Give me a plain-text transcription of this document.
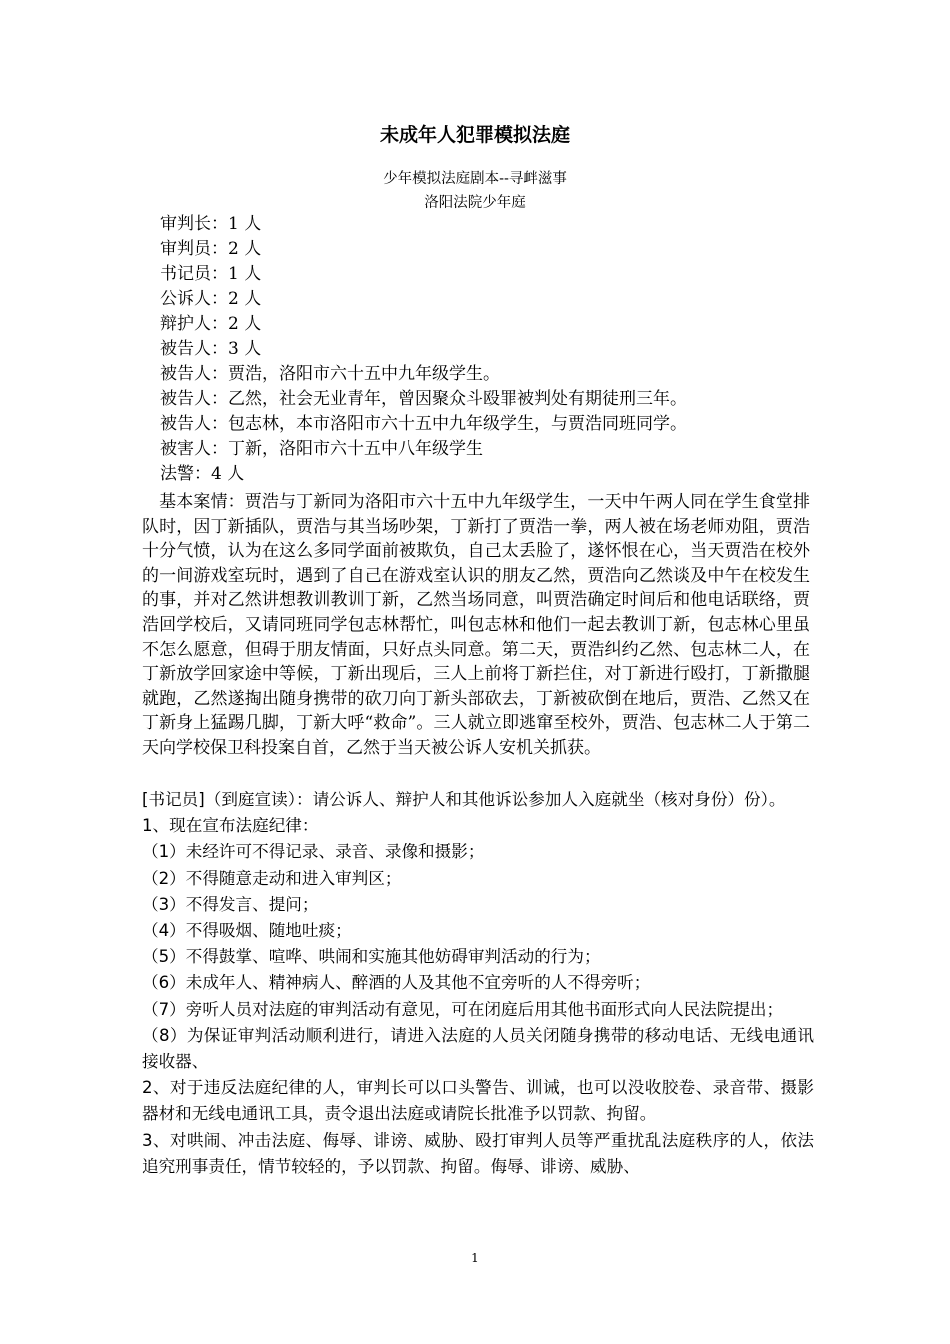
未成年人犯罪模拟法庭
少年模拟法庭剧本--寻衅滋事
洛阳法院少年庭
审判长：1 人
审判员：2 人
书记员：1 人
公诉人：2 人
辩护人：2 人
被告人：3 人
被告人：贾浩，洛阳市六十五中九年级学生。
被告人：乙然，社会无业青年，曾因聚众斗殴罪被判处有期徒刑三年。
被告人：包志林，本市洛阳市六十五中九年级学生，与贾浩同班同学。
被害人：丁新，洛阳市六十五中八年级学生
法警：4 人

　基本案情：贾浩与丁新同为洛阳市六十五中九年级学生，一天中午两人同在学生食堂排队时，因丁新插队，贾浩与其当场吵架，丁新打了贾浩一拳，两人被在场老师劝阻，贾浩十分气愤，认为在这么多同学面前被欺负，自己太丢脸了，遂怀恨在心，当天贾浩在校外的一间游戏室玩时，遇到了自己在游戏室认识的朋友乙然，贾浩向乙然谈及中午在校发生的事，并对乙然讲想教训教训丁新，乙然当场同意，叫贾浩确定时间后和他电话联络，贾浩回学校后，又请同班同学包志林帮忙，叫包志林和他们一起去教训丁新，包志林心里虽不怎么愿意，但碍于朋友情面，只好点头同意。第二天，贾浩纠约乙然、包志林二人，在丁新放学回家途中等候，丁新出现后，三人上前将丁新拦住，对丁新进行殴打，丁新撒腿就跑，乙然遂掏出随身携带的砍刀向丁新头部砍去，丁新被砍倒在地后，贾浩、乙然又在丁新身上猛踢几脚，丁新大呼“救命”。三人就立即逃窜至校外，贾浩、包志林二人于第二天向学校保卫科投案自首，乙然于当天被公诉人安机关抓获。

[书记员]（到庭宣读）：请公诉人、辩护人和其他诉讼参加人入庭就坐（核对身份）份）。

1、现在宣布法庭纪律：

（1）未经许可不得记录、录音、录像和摄影；

（2）不得随意走动和进入审判区；

（3）不得发言、提问；

（4）不得吸烟、随地吐痰；

（5）不得鼓掌、喧哗、哄闹和实施其他妨碍审判活动的行为；

（6）未成年人、精神病人、醉酒的人及其他不宜旁听的人不得旁听；

（7）旁听人员对法庭的审判活动有意见，可在闭庭后用其他书面形式向人民法院提出；

（8）为保证审判活动顺利进行，请进入法庭的人员关闭随身携带的移动电话、无线电通讯接收器、

2、对于违反法庭纪律的人，审判长可以口头警告、训诫，也可以没收胶卷、录音带、摄影器材和无线电通讯工具，责令退出法庭或请院长批准予以罚款、拘留。

3、对哄闹、冲击法庭、侮辱、诽谤、威胁、殴打审判人员等严重扰乱法庭秩序的人，依法追究刑事责任，情节较轻的，予以罚款、拘留。侮辱、诽谤、威胁、

1
